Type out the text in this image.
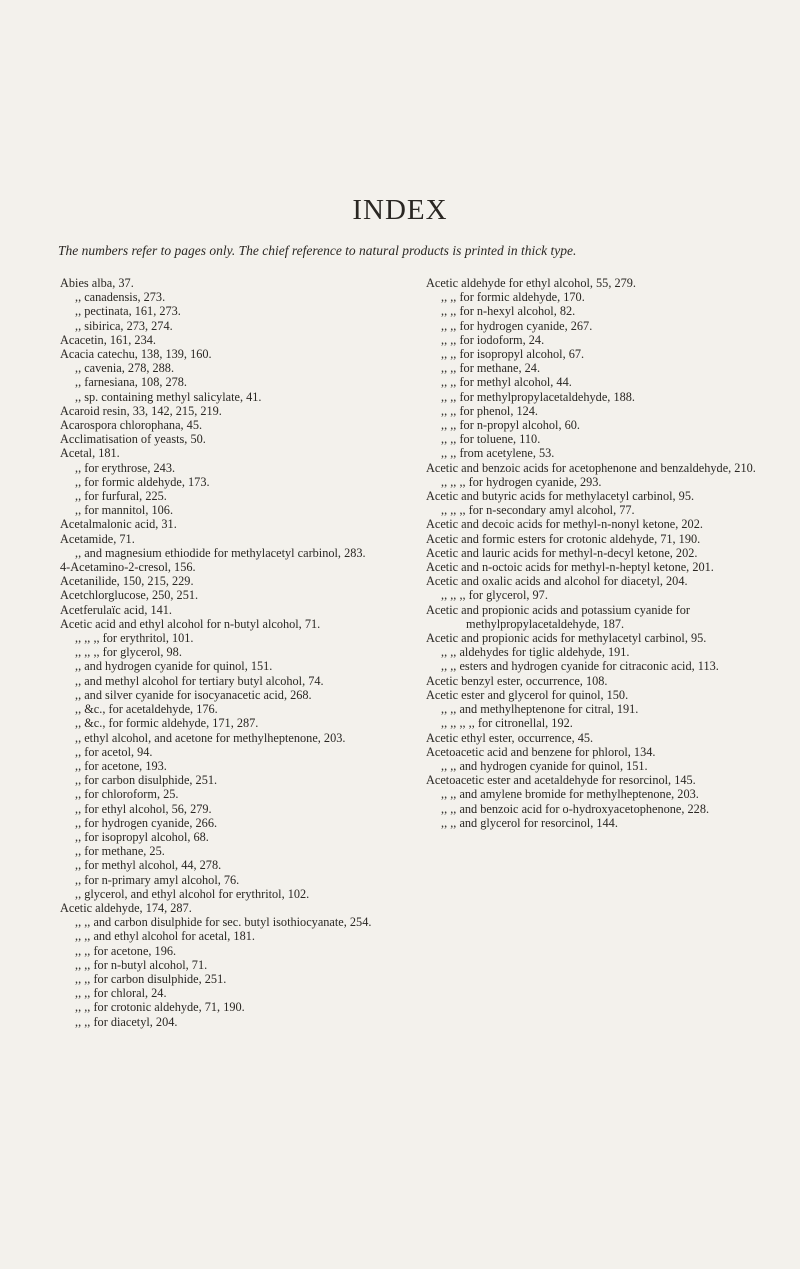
INDEX
The numbers refer to pages only. The chief reference to natural products is printed in thick type.

Abies alba, 37.

,, canadensis, 273.

,, pectinata, 161, 273.

,, sibirica, 273, 274.

Acacetin, 161, 234.

Acacia catechu, 138, 139, 160.

,, cavenia, 278, 288.

,, farnesiana, 108, 278.

,, sp. containing methyl salicylate, 41.

Acaroid resin, 33, 142, 215, 219.

Acarospora chlorophana, 45.

Acclimatisation of yeasts, 50.

Acetal, 181.

,, for erythrose, 243.

,, for formic aldehyde, 173.

,, for furfural, 225.

,, for mannitol, 106.

Acetalmalonic acid, 31.

Acetamide, 71.

,, and magnesium ethiodide for methylacetyl carbinol, 283.

4-Acetamino-2-cresol, 156.

Acetanilide, 150, 215, 229.

Acetchlorglucose, 250, 251.

Acetferulaïc acid, 141.

Acetic acid and ethyl alcohol for n-butyl alcohol, 71.

,, ,, ,, for erythritol, 101.

,, ,, ,, for glycerol, 98.

,, and hydrogen cyanide for quinol, 151.

,, and methyl alcohol for tertiary butyl alcohol, 74.

,, and silver cyanide for isocyanacetic acid, 268.

,, &c., for acetaldehyde, 176.

,, &c., for formic aldehyde, 171, 287.

,, ethyl alcohol, and acetone for methylheptenone, 203.

,, for acetol, 94.

,, for acetone, 193.

,, for carbon disulphide, 251.

,, for chloroform, 25.

,, for ethyl alcohol, 56, 279.

,, for hydrogen cyanide, 266.

,, for isopropyl alcohol, 68.

,, for methane, 25.

,, for methyl alcohol, 44, 278.

,, for n-primary amyl alcohol, 76.

,, glycerol, and ethyl alcohol for erythritol, 102.

Acetic aldehyde, 174, 287.

,, ,, and carbon disulphide for sec. butyl isothiocyanate, 254.

,, ,, and ethyl alcohol for acetal, 181.

,, ,, for acetone, 196.

,, ,, for n-butyl alcohol, 71.

,, ,, for carbon disulphide, 251.

,, ,, for chloral, 24.

,, ,, for crotonic aldehyde, 71, 190.

,, ,, for diacetyl, 204.

Acetic aldehyde for ethyl alcohol, 55, 279.

,, ,, for formic aldehyde, 170.

,, ,, for n-hexyl alcohol, 82.

,, ,, for hydrogen cyanide, 267.

,, ,, for iodoform, 24.

,, ,, for isopropyl alcohol, 67.

,, ,, for methane, 24.

,, ,, for methyl alcohol, 44.

,, ,, for methylpropylacetaldehyde, 188.

,, ,, for phenol, 124.

,, ,, for n-propyl alcohol, 60.

,, ,, for toluene, 110.

,, ,, from acetylene, 53.

Acetic and benzoic acids for acetophenone and benzaldehyde, 210.

,, ,, ,, for hydrogen cyanide, 293.

Acetic and butyric acids for methylacetyl carbinol, 95.

,, ,, ,, for n-secondary amyl alcohol, 77.

Acetic and decoic acids for methyl-n-nonyl ketone, 202.

Acetic and formic esters for crotonic aldehyde, 71, 190.

Acetic and lauric acids for methyl-n-decyl ketone, 202.

Acetic and n-octoic acids for methyl-n-heptyl ketone, 201.

Acetic and oxalic acids and alcohol for diacetyl, 204.

,, ,, ,, for glycerol, 97.

Acetic and propionic acids and potassium cyanide for methylpropylacetaldehyde, 187.

Acetic and propionic acids for methylacetyl carbinol, 95.

,, ,, aldehydes for tiglic aldehyde, 191.

,, ,, esters and hydrogen cyanide for citraconic acid, 113.

Acetic benzyl ester, occurrence, 108.

Acetic ester and glycerol for quinol, 150.

,, ,, and methylheptenone for citral, 191.

,, ,, ,, ,, for citronellal, 192.

Acetic ethyl ester, occurrence, 45.

Acetoacetic acid and benzene for phlorol, 134.

,, ,, and hydrogen cyanide for quinol, 151.

Acetoacetic ester and acetaldehyde for resorcinol, 145.

,, ,, and amylene bromide for methylheptenone, 203.

,, ,, and benzoic acid for o-hydroxyacetophenone, 228.

,, ,, and glycerol for resorcinol, 144.
